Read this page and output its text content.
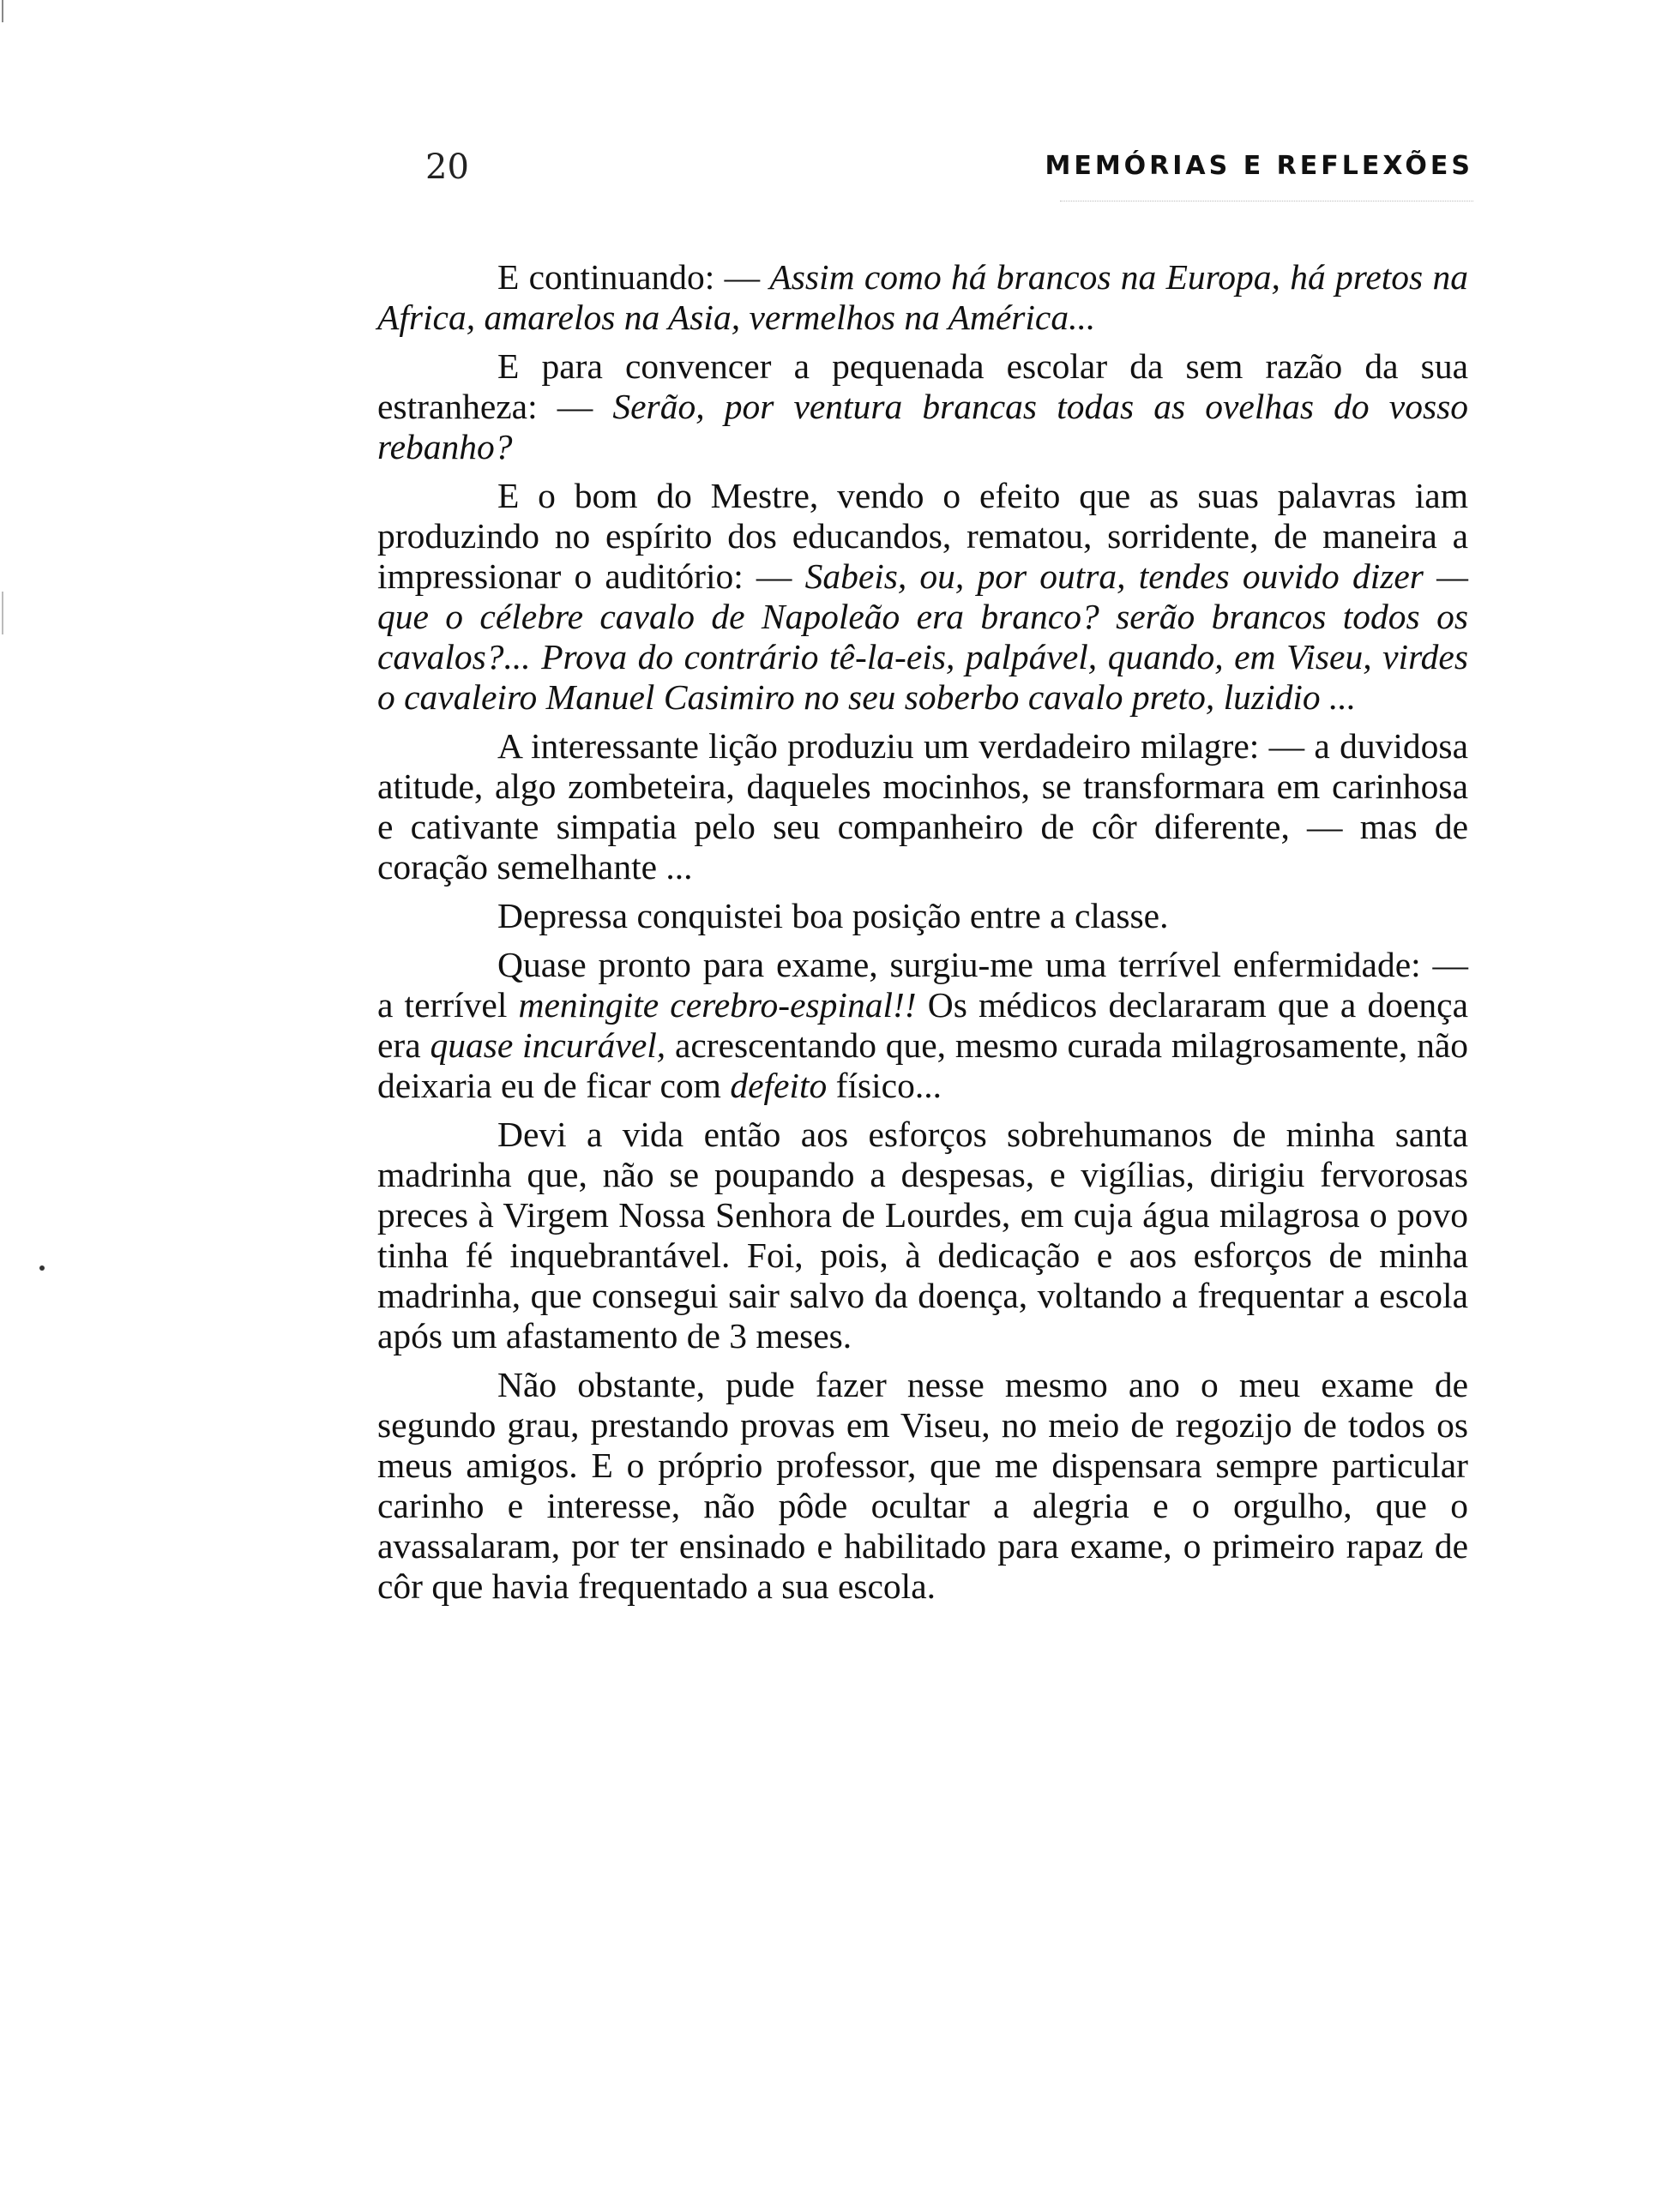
20	MEMÓRIAS E REFLEXÕES

E continuando: — Assim como há brancos na Europa, há pretos na Africa, amarelos na Asia, vermelhos na América...

E para convencer a pequenada escolar da sem razão da sua estranheza: — Serão, por ventura brancas todas as ovelhas do vosso rebanho?

E o bom do Mestre, vendo o efeito que as suas palavras iam produzindo no espírito dos educandos, rematou, sorridente, de maneira a impressionar o auditório: — Sabeis, ou, por outra, tendes ouvido dizer — que o célebre cavalo de Napoleão era branco? serão brancos todos os cavalos?... Prova do contrário tê-la-eis, palpável, quando, em Viseu, virdes o cavaleiro Manuel Casimiro no seu soberbo cavalo preto, luzidio ...

A interessante lição produziu um verdadeiro milagre: — a duvidosa atitude, algo zombeteira, daqueles mocinhos, se transformara em carinhosa e cativante simpatia pelo seu companheiro de côr diferente, — mas de coração semelhante ...

Depressa conquistei boa posição entre a classe.

Quase pronto para exame, surgiu-me uma terrível enfermidade: — a terrível meningite cerebro-espinal!! Os médicos declararam que a doença era quase incurável, acrescentando que, mesmo curada milagrosamente, não deixaria eu de ficar com defeito físico...

Devi a vida então aos esforços sobrehumanos de minha santa madrinha que, não se poupando a despesas, e vigílias, dirigiu fervorosas preces à Virgem Nossa Senhora de Lourdes, em cuja água milagrosa o povo tinha fé inquebrantável. Foi, pois, à dedicação e aos esforços de minha madrinha, que consegui sair salvo da doença, voltando a frequentar a escola após um afastamento de 3 meses.

Não obstante, pude fazer nesse mesmo ano o meu exame de segundo grau, prestando provas em Viseu, no meio de regozijo de todos os meus amigos. E o próprio professor, que me dispensara sempre particular carinho e interesse, não pôde ocultar a alegria e o orgulho, que o avassalaram, por ter ensinado e habilitado para exame, o primeiro rapaz de côr que havia frequentado a sua escola.
